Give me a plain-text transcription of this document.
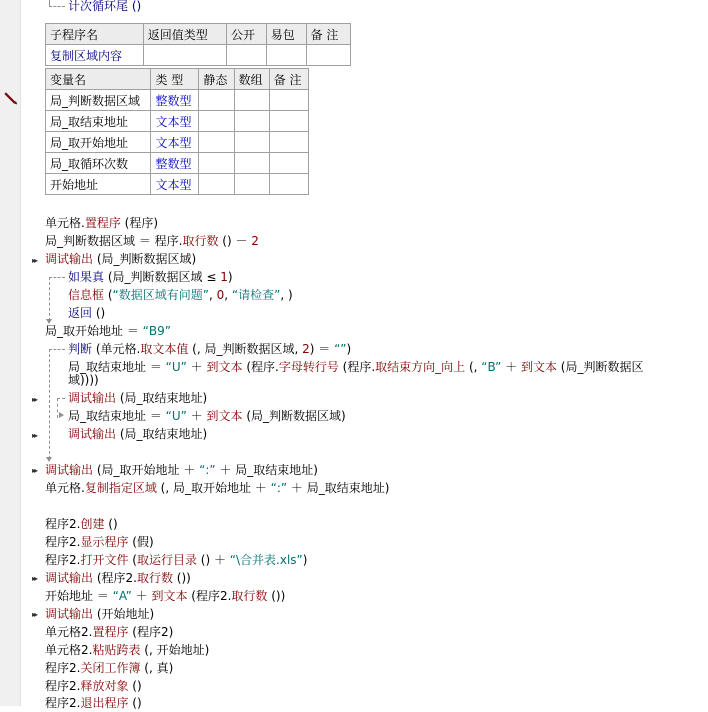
计次循环尾 ()
子程序名	返回值类型	公开	易包	备 注
复制区域内容				
变量名	类 型	静态	数组	备 注
局_判断数据区域	整数型			
局_取结束地址	文本型			
局_取开始地址	文本型			
局_取循环次数	整数型			
开始地址	文本型			
▸▸
▸▸
▸▸
▸▸
▸▸
▸▸
单元格.置程序 (程序)
局_判断数据区域 ＝ 程序.取行数 () － 2
调试输出 (局_判断数据区域)
如果真 (局_判断数据区域 ≤ 1)
信息框 (“数据区域有问题”, 0, “请检查”, )
返回 ()
局_取开始地址 ＝ “B9”
判断 (单元格.取文本值 (, 局_判断数据区域, 2) ＝ “”)
局_取结束地址 ＝ “U” ＋ 到文本 (程序.字母转行号 (程序.取结束方向_向上 (, “B” ＋ 到文本 (局_判断数据区
域))))
调试输出 (局_取结束地址)
局_取结束地址 ＝ “U” ＋ 到文本 (局_判断数据区域)
调试输出 (局_取结束地址)
调试输出 (局_取开始地址 ＋ “:” ＋ 局_取结束地址)
单元格.复制指定区域 (, 局_取开始地址 ＋ “:” ＋ 局_取结束地址)
程序2.创建 ()
程序2.显示程序 (假)
程序2.打开文件 (取运行目录 () ＋ “\合并表.xls”)
调试输出 (程序2.取行数 ())
开始地址 ＝ “A” ＋ 到文本 (程序2.取行数 ())
调试输出 (开始地址)
单元格2.置程序 (程序2)
单元格2.粘贴跨表 (, 开始地址)
程序2.关闭工作簿 (, 真)
程序2.释放对象 ()
程序2.退出程序 ()
